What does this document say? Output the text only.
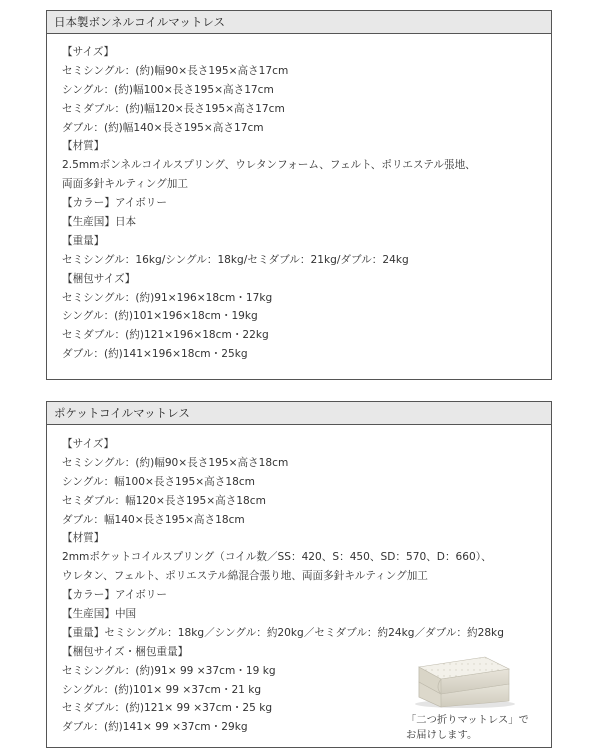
日本製ボンネルコイルマットレス
【サイズ】
セミシングル：(約)幅90×長さ195×高さ17cm
シングル：(約)幅100×長さ195×高さ17cm
セミダブル：(約)幅120×長さ195×高さ17cm
ダブル：(約)幅140×長さ195×高さ17cm
【材質】
2.5mmボンネルコイルスプリング、ウレタンフォーム、フェルト、ポリエステル張地、
両面多針キルティング加工
【カラー】アイボリー
【生産国】日本
【重量】
セミシングル：16kg/シングル：18kg/セミダブル：21kg/ダブル：24kg
【梱包サイズ】
セミシングル：(約)91×196×18cm・17kg
シングル：(約)101×196×18cm・19kg
セミダブル：(約)121×196×18cm・22kg
ダブル：(約)141×196×18cm・25kg
ポケットコイルマットレス
【サイズ】
セミシングル：(約)幅90×長さ195×高さ18cm
シングル：幅100×長さ195×高さ18cm
セミダブル：幅120×長さ195×高さ18cm
ダブル：幅140×長さ195×高さ18cm
【材質】
2mmポケットコイルスプリング（コイル数／SS：420、S：450、SD：570、D：660）、
ウレタン、フェルト、ポリエステル綿混合張り地、両面多針キルティング加工
【カラー】アイボリー
【生産国】中国
【重量】セミシングル：18kg／シングル：約20kg／セミダブル：約24kg／ダブル：約28kg
【梱包サイズ・梱包重量】
セミシングル：(約)91× 99 ×37cm・19 kg
シングル：(約)101× 99 ×37cm・21 kg
セミダブル：(約)121× 99 ×37cm・25 kg
ダブル：(約)141× 99 ×37cm・29kg
「二つ折りマットレス」で
お届けします。
